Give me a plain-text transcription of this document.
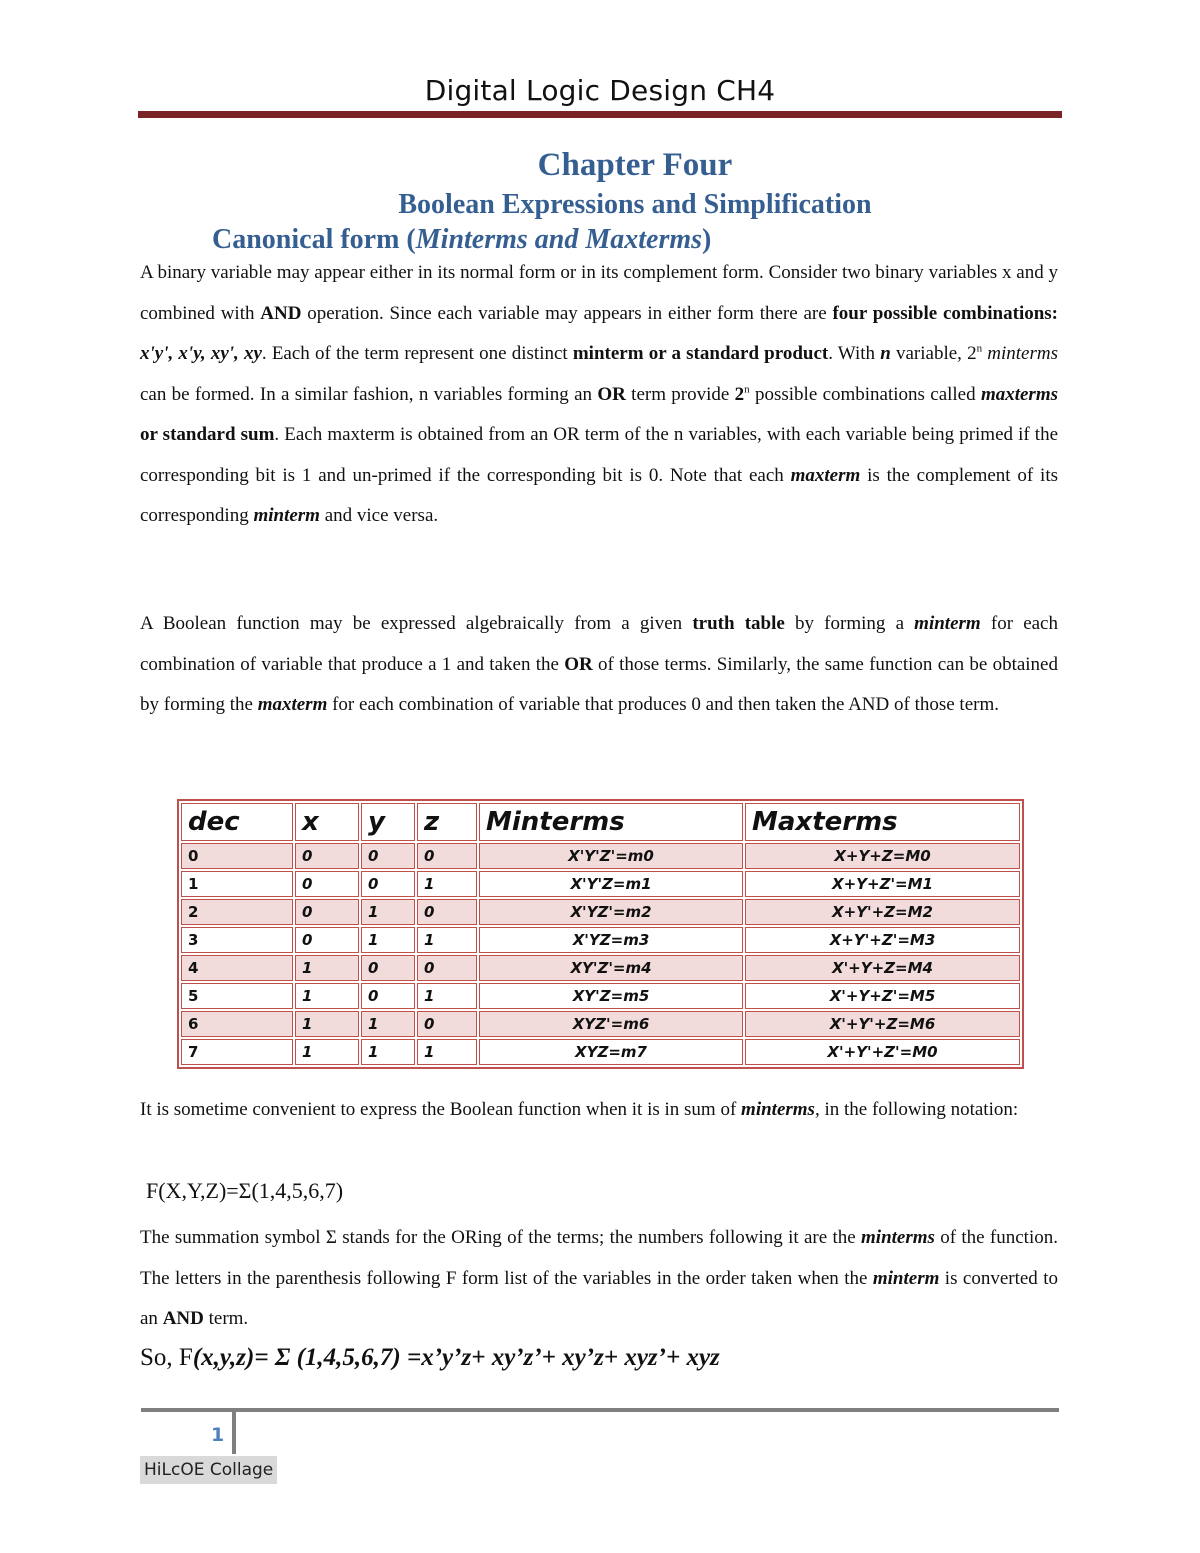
Digital Logic Design CH4
Chapter Four
Boolean Expressions and Simplification
Canonical form (Minterms and Maxterms)
A binary variable may appear either in its normal form or in its complement form. Consider two binary variables x and y combined with AND operation. Since each variable may appears in either form there are four possible combinations: x'y', x'y, xy', xy. Each of the term represent one distinct minterm or a standard product. With n variable, 2$^n$ minterms can be formed. In a similar fashion, n variables forming an OR term provide 2$^n$ possible combinations called maxterms or standard sum. Each maxterm is obtained from an OR term of the n variables, with each variable being primed if the corresponding bit is 1 and un-primed if the corresponding bit is 0. Note that each maxterm is the complement of its corresponding minterm and vice versa.
A Boolean function may be expressed algebraically from a given truth table by forming a minterm for each combination of variable that produce a 1 and taken the OR of those terms. Similarly, the same function can be obtained by forming the maxterm for each combination of variable that produces 0 and then taken the AND of those term.
dec	x	y	z	Minterms	Maxterms
0	0	0	0	X'Y'Z'=m0	X+Y+Z=M0
1	0	0	1	X'Y'Z=m1	X+Y+Z'=M1
2	0	1	0	X'YZ'=m2	X+Y'+Z=M2
3	0	1	1	X'YZ=m3	X+Y'+Z'=M3
4	1	0	0	XY'Z'=m4	X'+Y+Z=M4
5	1	0	1	XY'Z=m5	X'+Y+Z'=M5
6	1	1	0	XYZ'=m6	X'+Y'+Z=M6
7	1	1	1	XYZ=m7	X'+Y'+Z'=M0
It is sometime convenient to express the Boolean function when it is in sum of minterms, in the following notation:
F(X,Y,Z)=Σ(1,4,5,6,7)
The summation symbol Σ stands for the ORing of the terms; the numbers following it are the minterms of the function. The letters in the parenthesis following F form list of the variables in the order taken when the minterm is converted to an AND term.
So, F(x,y,z)= Σ (1,4,5,6,7) =x’y’z+ xy’z’+ xy’z+ xyz’+ xyz
1
HiLcOE Collage
